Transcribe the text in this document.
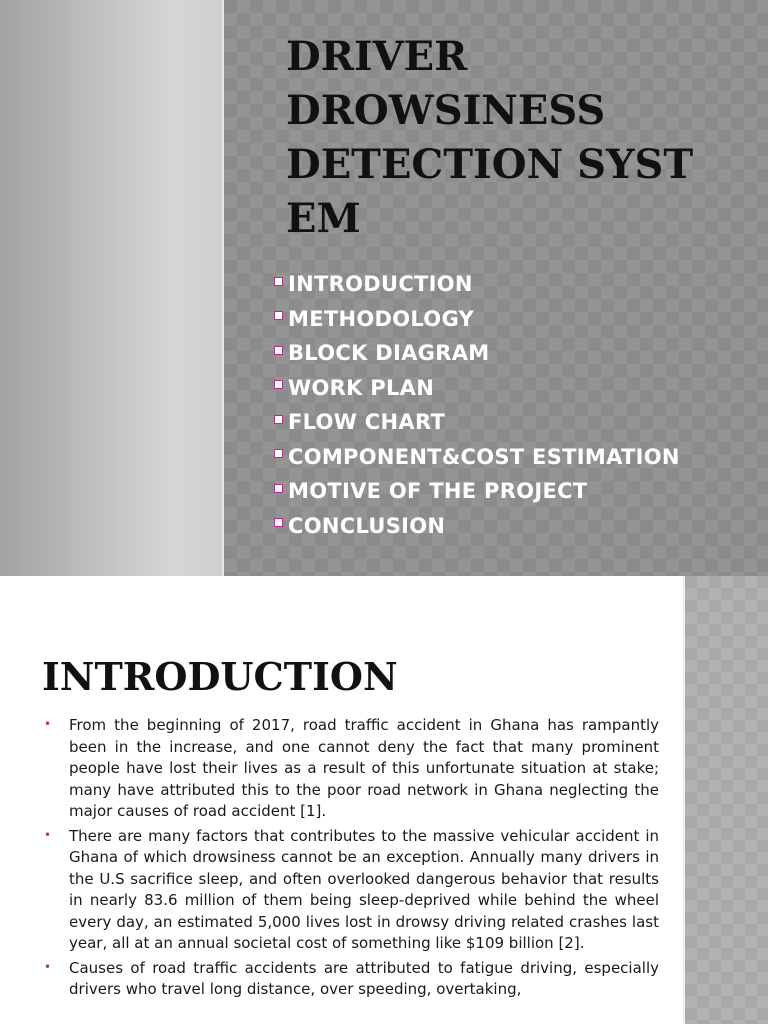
DRIVER
DROWSINESS
DETECTION SYST
EM
INTRODUCTION
METHODOLOGY
BLOCK DIAGRAM
WORK PLAN
FLOW CHART
COMPONENT&COST ESTIMATION
MOTIVE OF THE PROJECT
CONCLUSION
INTRODUCTION
• From the beginning of 2017, road traffic accident in Ghana has rampantly been in the increase, and one cannot deny the fact that many prominent people have lost their lives as a result of this unfortunate situation at stake; many have attributed this to the poor road network in Ghana neglecting the major causes of road accident [1].
• There are many factors that contributes to the massive vehicular accident in Ghana of which drowsiness cannot be an exception. Annually many drivers in the U.S sacrifice sleep, and often overlooked dangerous behavior that results in nearly 83.6 million of them being sleep-deprived while behind the wheel every day, an estimated 5,000 lives lost in drowsy driving related crashes last year, all at an annual societal cost of something like $109 billion [2].
• Causes of road traffic accidents are attributed to fatigue driving, especially drivers who travel long distance, over speeding, overtaking,
